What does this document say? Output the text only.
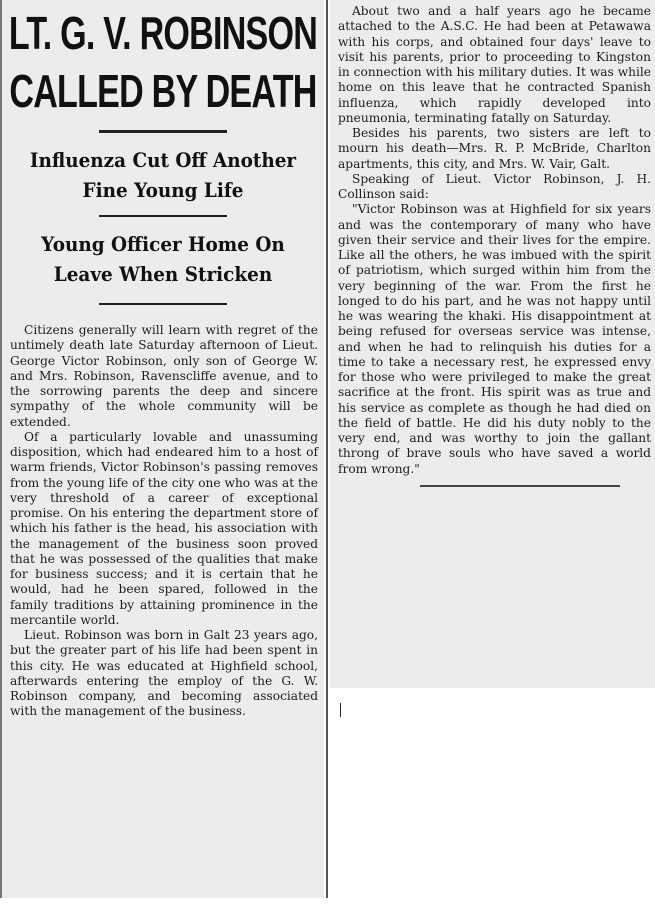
LT. G. V. ROBINSON CALLED BY DEATH
Influenza Cut Off Another Fine Young Life
Young Officer Home On Leave When Stricken

Citizens generally will learn with regret of the untimely death late Saturday afternoon of Lieut. George Victor Robinson, only son of George W. and Mrs. Robinson, Ravenscliffe avenue, and to the sorrowing parents the deep and sincere sympathy of the whole community will be extended.

Of a particularly lovable and unassuming disposition, which had endeared him to a host of warm friends, Victor Robinson's passing removes from the young life of the city one who was at the very threshold of a career of exceptional promise. On his entering the department store of which his father is the head, his association with the management of the business soon proved that he was possessed of the qualities that make for business success; and it is certain that he would, had he been spared, followed in the family traditions by attaining prominence in the mercantile world.

Lieut. Robinson was born in Galt 23 years ago, but the greater part of his life had been spent in this city. He was educated at Highfield school, afterwards entering the employ of the G. W. Robinson company, and becoming associated with the management of the business.

About two and a half years ago he became attached to the A.S.C. He had been at Petawawa with his corps, and obtained four days' leave to visit his parents, prior to proceeding to Kingston in connection with his military duties. It was while home on this leave that he contracted Spanish influenza, which rapidly developed into pneumonia, terminating fatally on Saturday.

Besides his parents, two sisters are left to mourn his death—Mrs. R. P. McBride, Charlton apartments, this city, and Mrs. W. Vair, Galt.

Speaking of Lieut. Victor Robinson, J. H. Collinson said:

"Victor Robinson was at Highfield for six years and was the contemporary of many who have given their service and their lives for the empire. Like all the others, he was imbued with the spirit of patriotism, which surged within him from the very beginning of the war. From the first he longed to do his part, and he was not happy until he was wearing the khaki. His disappointment at being refused for overseas service was intense, and when he had to relinquish his duties for a time to take a necessary rest, he expressed envy for those who were privileged to make the great sacrifice at the front. His spirit was as true and his service as complete as though he had died on the field of battle. He did his duty nobly to the very end, and was worthy to join the gallant throng of brave souls who have saved a world from wrong."
